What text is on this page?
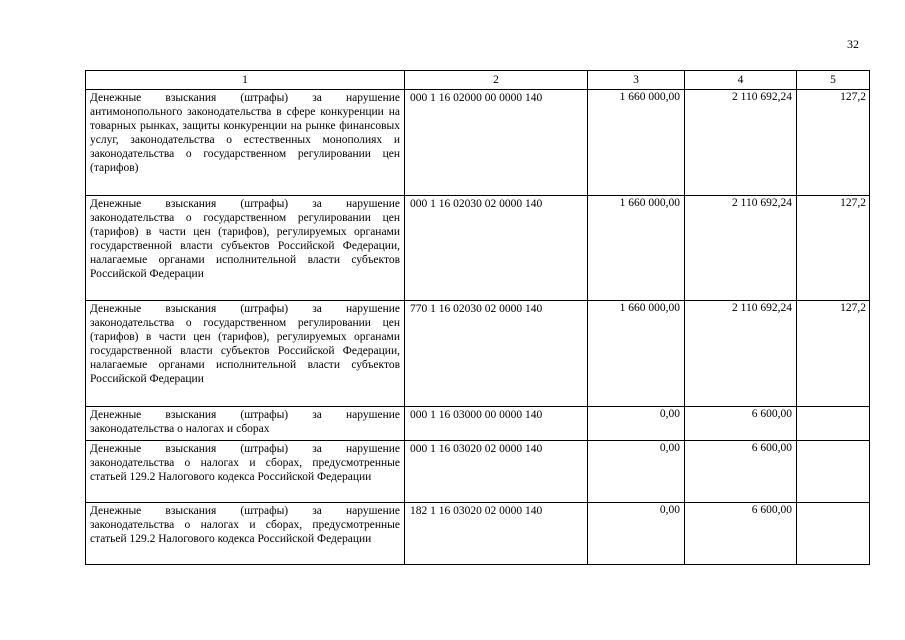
32
1	2	3	4	5
Денежные взыскания (штрафы) за нарушение антимонопольного законодательства в сфере конкуренции на товарных рынках, защиты конкуренции на рынке финансовых услуг, законодательства о естественных монополиях и законодательства о государственном регулировании цен (тарифов)	000 1 16 02000 00 0000 140	1 660 000,00	2 110 692,24	127,2
Денежные взыскания (штрафы) за нарушение законодательства о государственном регулировании цен (тарифов) в части цен (тарифов), регулируемых органами государственной власти субъектов Российской Федерации, налагаемые органами исполнительной власти субъектов Российской Федерации	000 1 16 02030 02 0000 140	1 660 000,00	2 110 692,24	127,2
Денежные взыскания (штрафы) за нарушение законодательства о государственном регулировании цен (тарифов) в части цен (тарифов), регулируемых органами государственной власти субъектов Российской Федерации, налагаемые органами исполнительной власти субъектов Российской Федерации	770 1 16 02030 02 0000 140	1 660 000,00	2 110 692,24	127,2
Денежные взыскания (штрафы) за нарушение законодательства о налогах и сборах	000 1 16 03000 00 0000 140	0,00	6 600,00	
Денежные взыскания (штрафы) за нарушение законодательства о налогах и сборах, предусмотренные статьей 129.2 Налогового кодекса Российской Федерации	000 1 16 03020 02 0000 140	0,00	6 600,00	
Денежные взыскания (штрафы) за нарушение законодательства о налогах и сборах, предусмотренные статьей 129.2 Налогового кодекса Российской Федерации	182 1 16 03020 02 0000 140	0,00	6 600,00	
